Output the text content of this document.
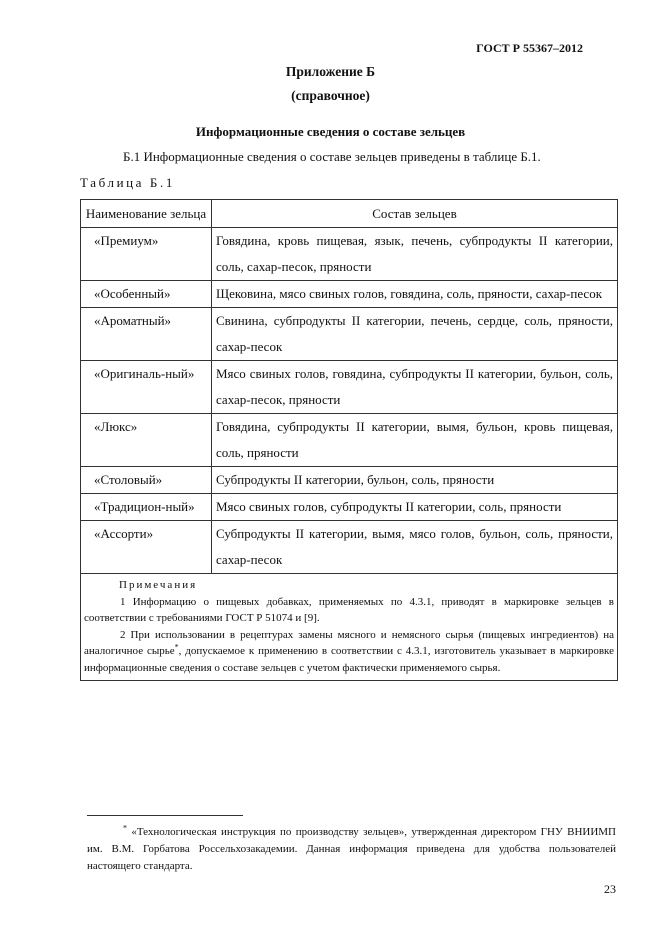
ГОСТ Р 55367–2012
Приложение Б
(справочное)
Информационные сведения о составе зельцев
Б.1 Информационные сведения о составе зельцев приведены в таблице Б.1.
Таблица Б.1
Наименование зельца	Состав зельцев
«Премиум»	Говядина, кровь пищевая, язык, печень, субпродукты II категории, соль, сахар-песок, пряности
«Особенный»	Щековина, мясо свиных голов, говядина, соль, пряности, сахар-песок
«Ароматный»	Свинина, субпродукты II категории, печень, сердце, соль, пряности, сахар-песок
«Оригиналь-ный»	Мясо свиных голов, говядина, субпродукты II категории, бульон, соль, сахар-песок, пряности
«Люкс»	Говядина, субпродукты II категории, вымя, бульон, кровь пищевая, соль, пряности
«Столовый»	Субпродукты II категории, бульон, соль, пряности
«Традицион-ный»	Мясо свиных голов, субпродукты II категории, соль, пряности
«Ассорти»	Субпродукты II категории, вымя, мясо голов, бульон, соль, пряности, сахар-песок

Примечания
1 Информацию о пищевых добавках, применяемых по 4.3.1, приводят в маркировке зельцев в соответствии с требованиями ГОСТ Р 51074 и [9].
2 При использовании в рецептурах замены мясного и немясного сырья (пищевых ингредиентов) на аналогичное сырье*, допускаемое к применению в соответствии с 4.3.1, изготовитель указывает в маркировке информационные сведения о составе зельцев с учетом фактически применяемого сырья.	
* «Технологическая инструкция по производству зельцев», утвержденная директором ГНУ ВНИИМП им. В.М. Горбатова Россельхозакадемии. Данная информация приведена для удобства пользователей настоящего стандарта.
23
